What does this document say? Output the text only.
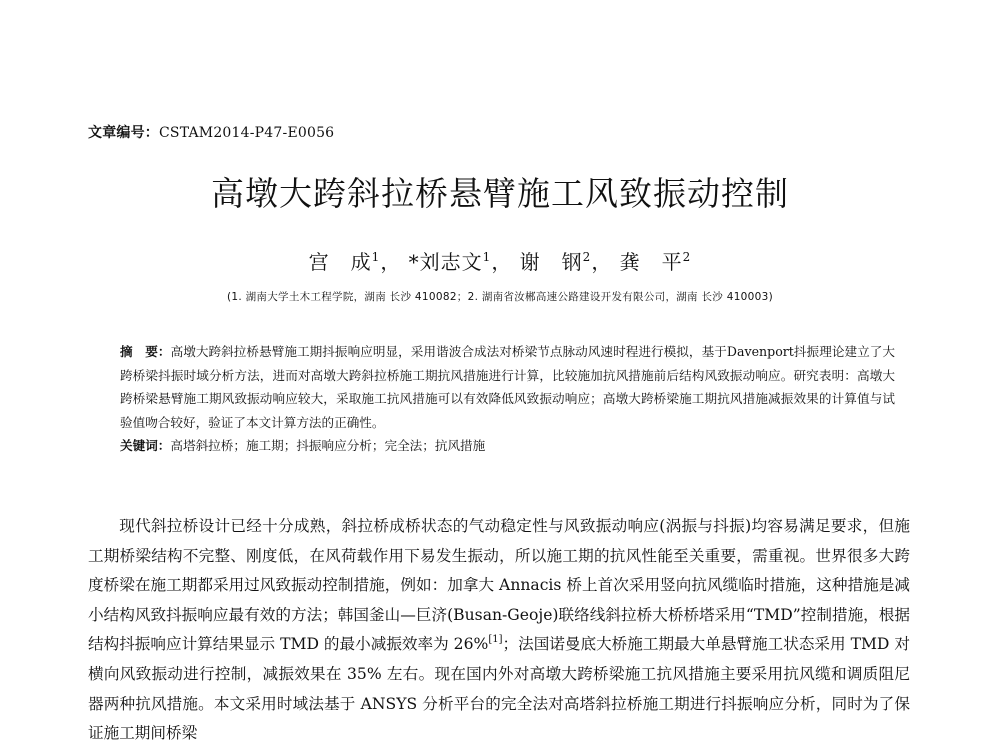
文章编号：CSTAM2014-P47-E0056
高墩大跨斜拉桥悬臂施工风致振动控制
宫　成$^1$， *刘志文$^1$， 谢　钢$^2$， 龚　平$^2$
(1. 湖南大学土木工程学院，湖南 长沙 410082；2. 湖南省汝郴高速公路建设开发有限公司，湖南 长沙 410003)
摘　要：高墩大跨斜拉桥悬臂施工期抖振响应明显，采用谐波合成法对桥梁节点脉动风速时程进行模拟，基于Davenport抖振理论建立了大跨桥梁抖振时域分析方法，进而对高墩大跨斜拉桥施工期抗风措施进行计算，比较施加抗风措施前后结构风致振动响应。研究表明：高墩大跨桥梁悬臂施工期风致振动响应较大，采取施工抗风措施可以有效降低风致振动响应；高墩大跨桥梁施工期抗风措施减振效果的计算值与试验值吻合较好，验证了本文计算方法的正确性。
关键词：高塔斜拉桥；施工期；抖振响应分析；完全法；抗风措施
现代斜拉桥设计已经十分成熟，斜拉桥成桥状态的气动稳定性与风致振动响应(涡振与抖振)均容易满足要求，但施工期桥梁结构不完整、刚度低，在风荷载作用下易发生振动，所以施工期的抗风性能至关重要，需重视。世界很多大跨度桥梁在施工期都采用过风致振动控制措施，例如：加拿大 Annacis 桥上首次采用竖向抗风缆临时措施，这种措施是减小结构风致抖振响应最有效的方法；韩国釜山—巨济(Busan-Geoje)联络线斜拉桥大桥桥塔采用“TMD”控制措施，根据结构抖振响应计算结果显示 TMD 的最小减振效率为 26%[1]；法国诺曼底大桥施工期最大单悬臂施工状态采用 TMD 对横向风致振动进行控制，减振效果在 35% 左右。现在国内外对高墩大跨桥梁施工抗风措施主要采用抗风缆和调质阻尼器两种抗风措施。本文采用时域法基于 ANSYS 分析平台的完全法对高塔斜拉桥施工期进行抖振响应分析，同时为了保证施工期间桥梁
